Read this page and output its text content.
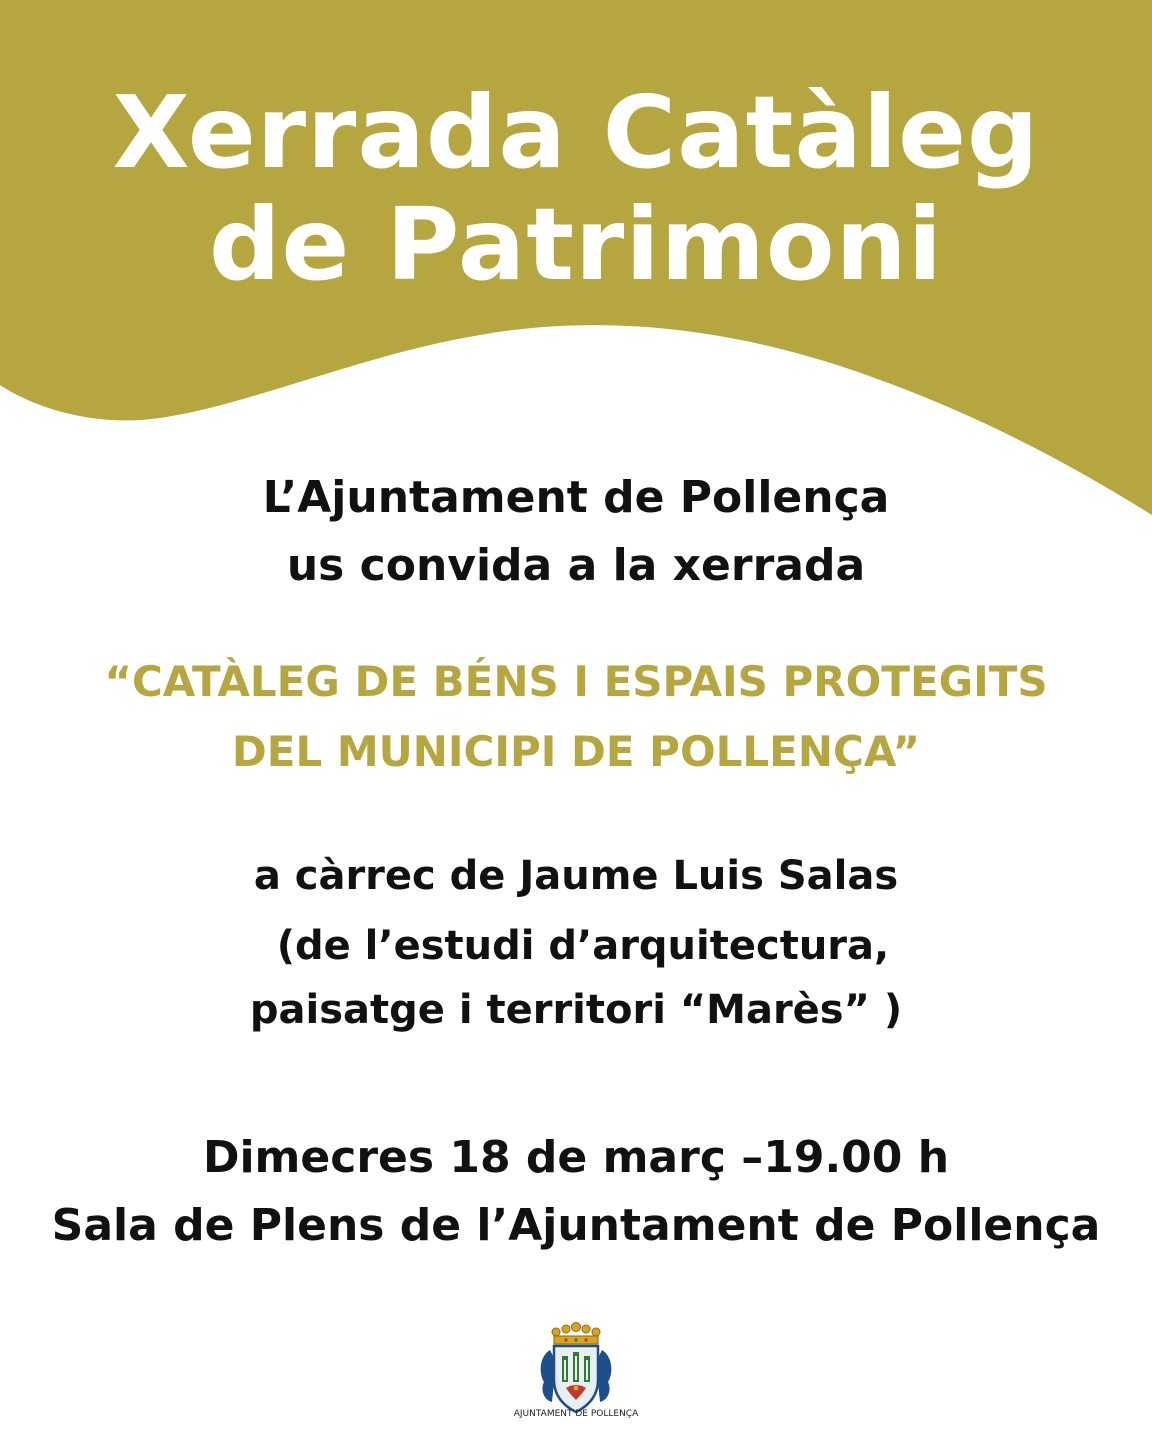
Xerrada Catàleg
de Patrimoni
L’Ajuntament de Pollença
us convida a la xerrada
“CATÀLEG DE BÉNS I ESPAIS PROTEGITS
DEL MUNICIPI DE POLLENÇA”
a càrrec de Jaume Luis Salas
(de l’estudi d’arquitectura,
paisatge i territori “Marès” )
Dimecres 18 de març –19.00 h
Sala de Plens de l’Ajuntament de Pollença
AJUNTAMENT DE POLLENÇA
